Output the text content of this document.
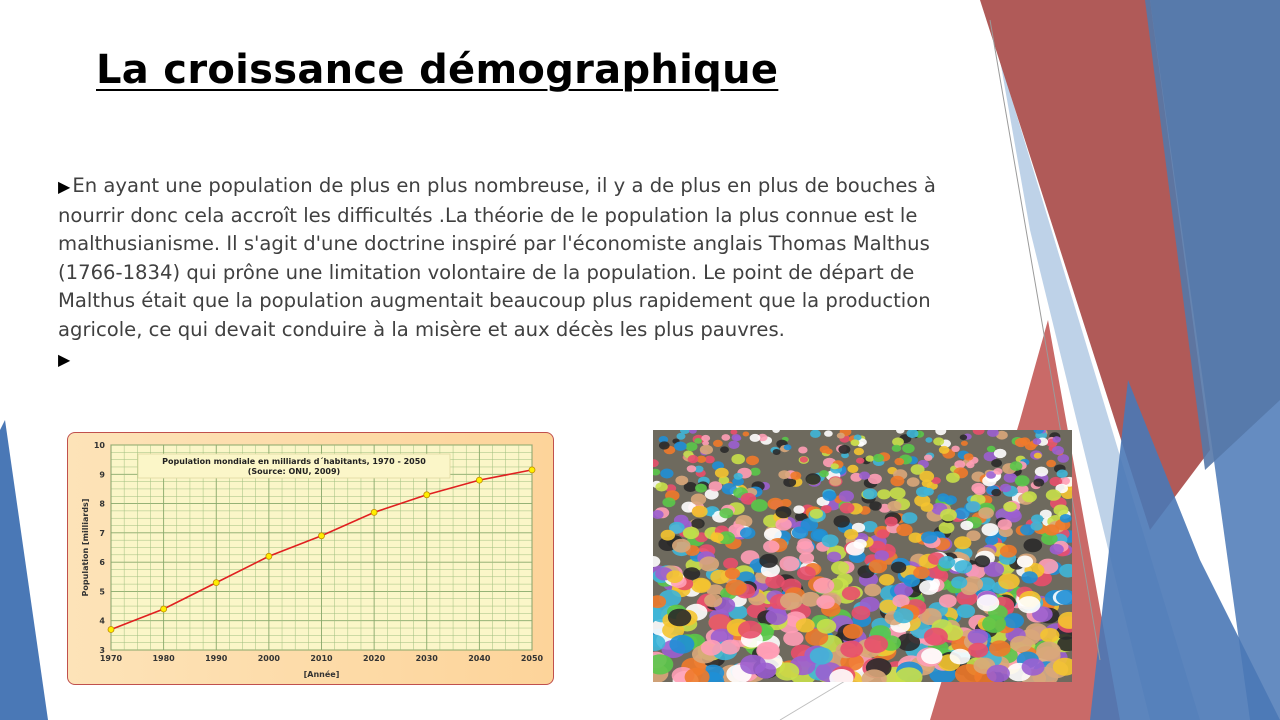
La croissance démographique

▶ En ayant une population de plus en plus nombreuse, il y a de plus en plus de bouches à nourrir donc cela accroît les difficultés .La théorie de le population la plus connue est le malthusianisme. Il s'agit d'une doctrine inspiré par l'économiste anglais Thomas Malthus (1766-1834) qui prône une limitation volontaire de la population. Le point de départ de Malthus était que la population augmentait beaucoup plus rapidement que la production agricole, ce qui devait conduire à la misère et aux décès les plus pauvres.

▶

3
4
5
6
7
8
9
10
1970	1980	1990	2000	2010	2020	2030	2040	2050
[Année]
Population [milliards]
Population mondiale en milliards d´habitants, 1970 - 2050
(Source: ONU, 2009)
